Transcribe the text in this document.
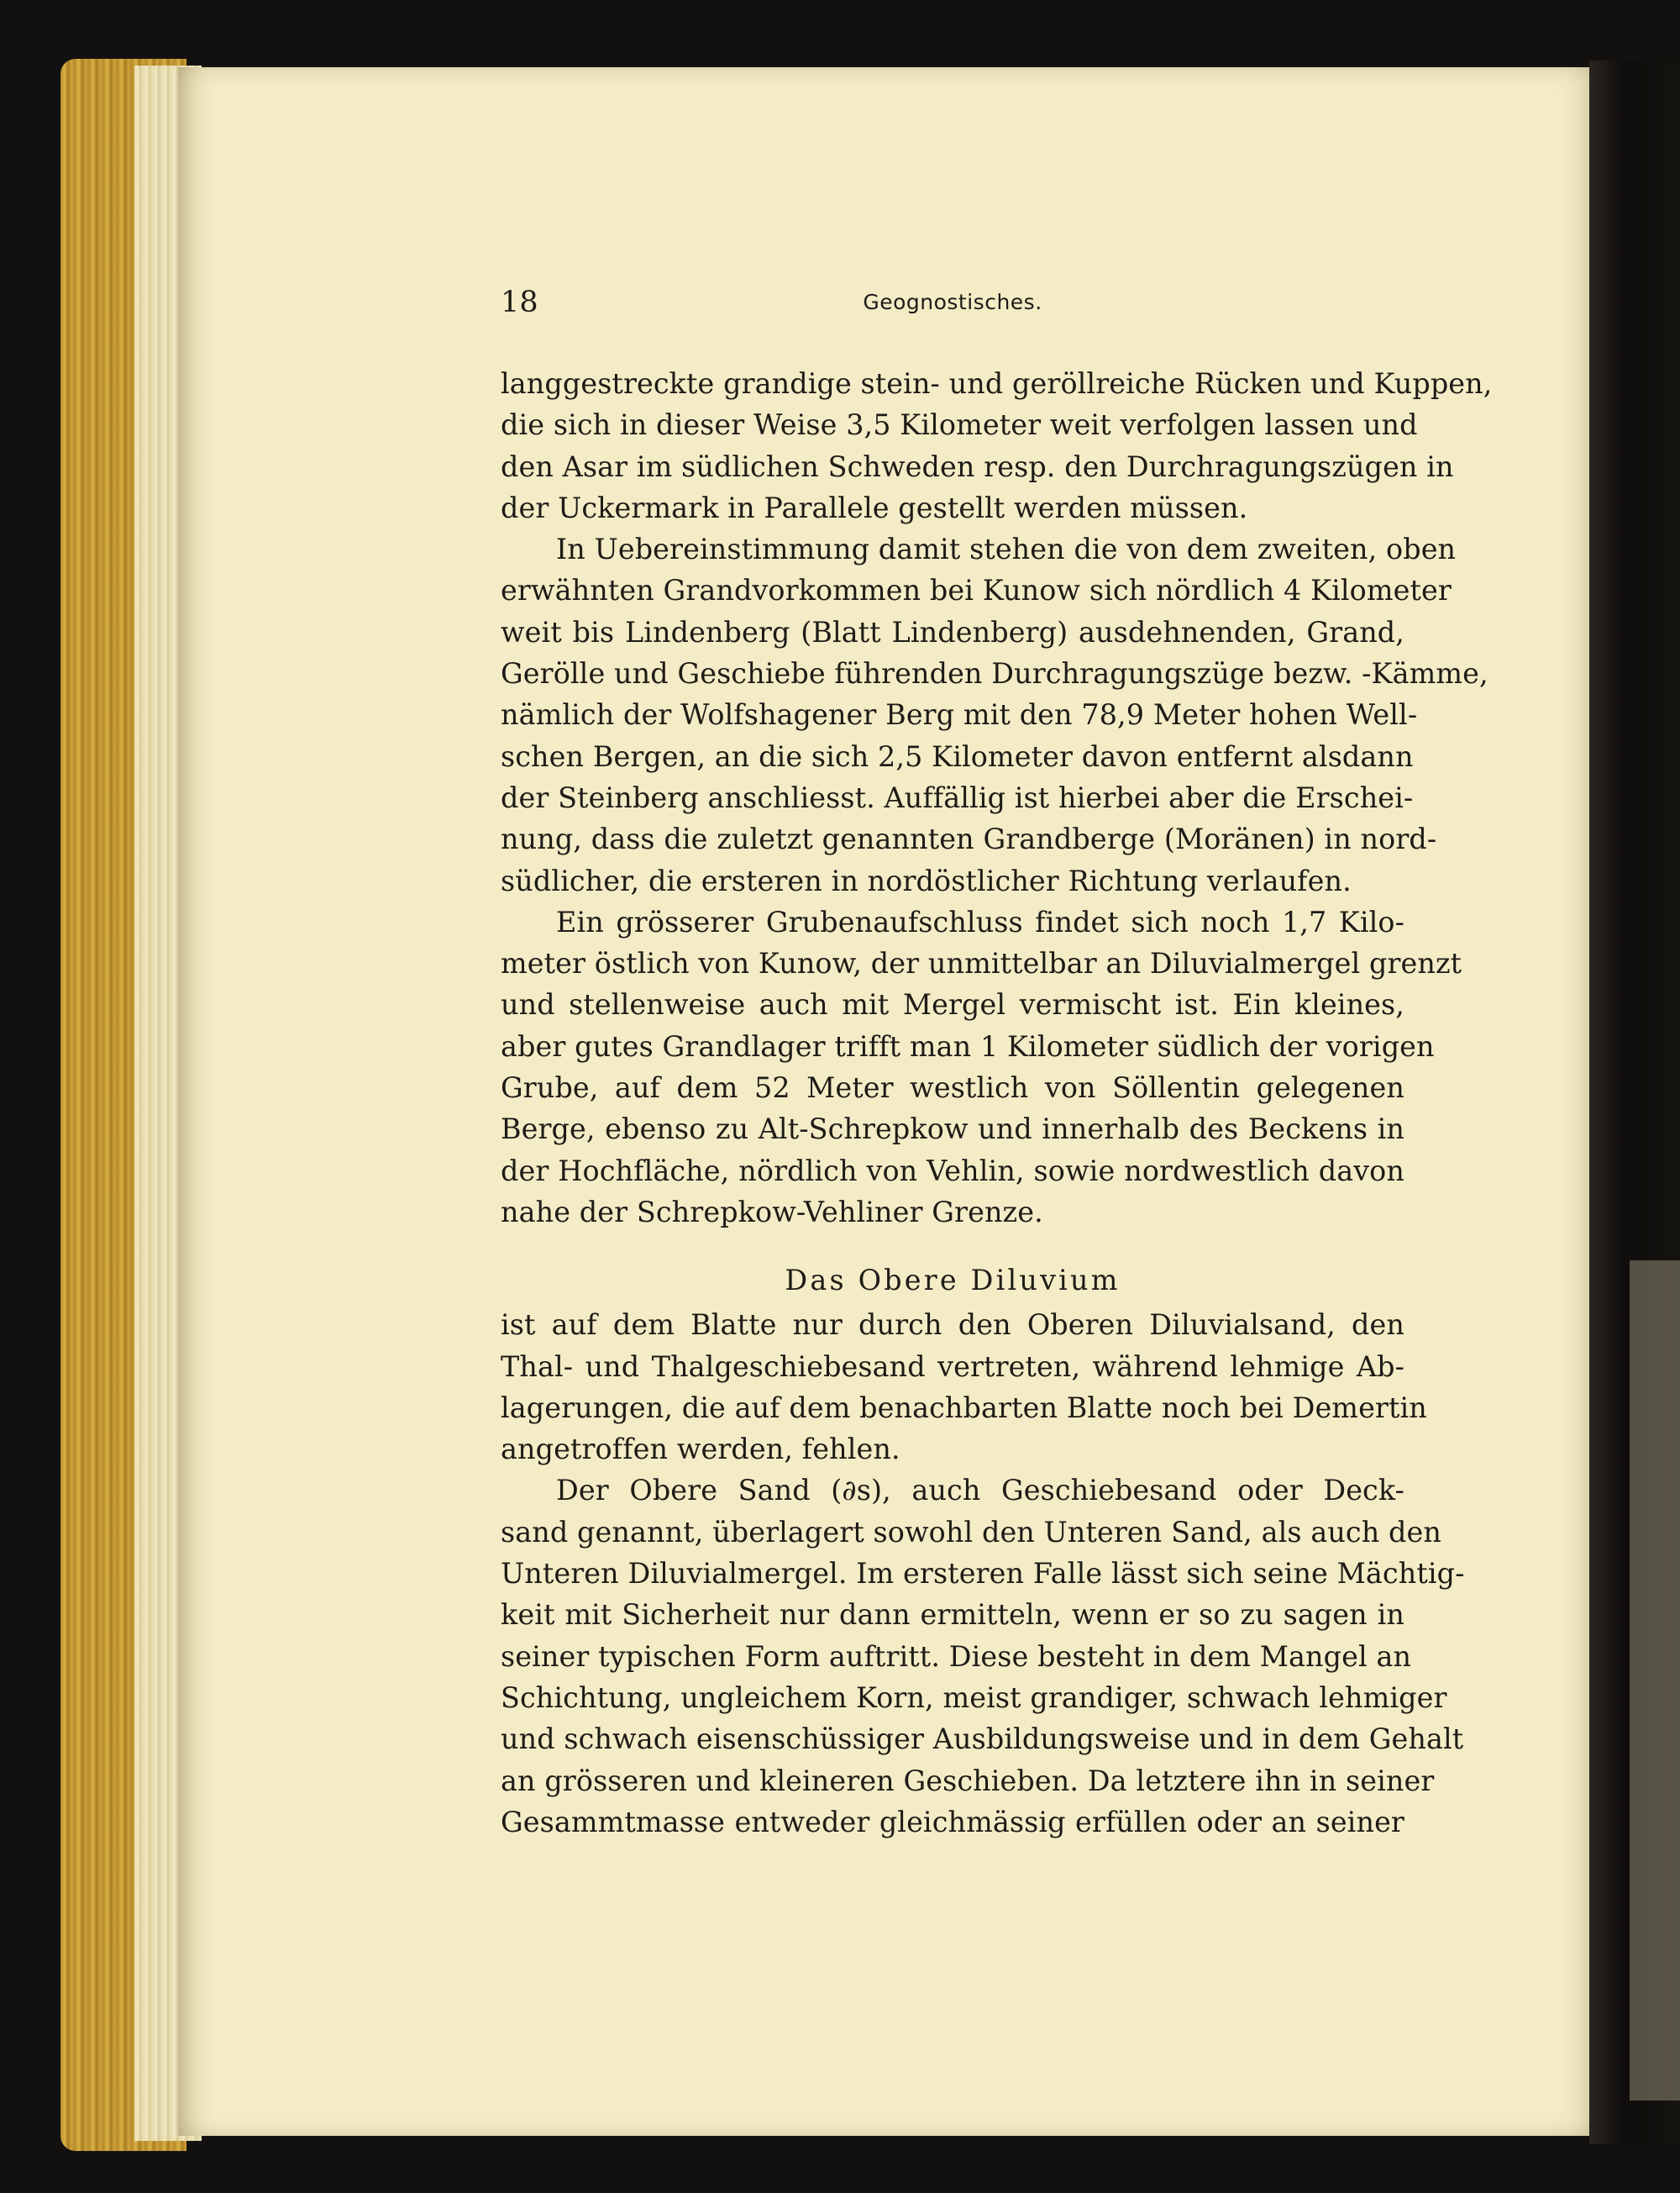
18	Geognostisches.
langgestreckte grandige stein- und geröllreiche Rücken und Kuppen,
die sich in dieser Weise 3,5 Kilometer weit verfolgen lassen und
den Asar im südlichen Schweden resp. den Durchragungszügen in
der Uckermark in Parallele gestellt werden müssen.
In Uebereinstimmung damit stehen die von dem zweiten, oben
erwähnten Grandvorkommen bei Kunow sich nördlich 4 Kilometer
weit bis Lindenberg (Blatt Lindenberg) ausdehnenden, Grand,
Gerölle und Geschiebe führenden Durchragungszüge bezw. -Kämme,
nämlich der Wolfshagener Berg mit den 78,9 Meter hohen Well-
schen Bergen, an die sich 2,5 Kilometer davon entfernt alsdann
der Steinberg anschliesst. Auffällig ist hierbei aber die Erschei-
nung, dass die zuletzt genannten Grandberge (Moränen) in nord-
südlicher, die ersteren in nordöstlicher Richtung verlaufen.
Ein grösserer Grubenaufschluss findet sich noch 1,7 Kilo-
meter östlich von Kunow, der unmittelbar an Diluvialmergel grenzt
und stellenweise auch mit Mergel vermischt ist. Ein kleines,
aber gutes Grandlager trifft man 1 Kilometer südlich der vorigen
Grube, auf dem 52 Meter westlich von Söllentin gelegenen
Berge, ebenso zu Alt-Schrepkow und innerhalb des Beckens in
der Hochfläche, nördlich von Vehlin, sowie nordwestlich davon
nahe der Schrepkow-Vehliner Grenze.
Das Obere Diluvium
ist auf dem Blatte nur durch den Oberen Diluvialsand, den
Thal- und Thalgeschiebesand vertreten, während lehmige Ab-
lagerungen, die auf dem benachbarten Blatte noch bei Demertin
angetroffen werden, fehlen.
Der Obere Sand (∂s), auch Geschiebesand oder Deck-
sand genannt, überlagert sowohl den Unteren Sand, als auch den
Unteren Diluvialmergel. Im ersteren Falle lässt sich seine Mächtig-
keit mit Sicherheit nur dann ermitteln, wenn er so zu sagen in
seiner typischen Form auftritt. Diese besteht in dem Mangel an
Schichtung, ungleichem Korn, meist grandiger, schwach lehmiger
und schwach eisenschüssiger Ausbildungsweise und in dem Gehalt
an grösseren und kleineren Geschieben. Da letztere ihn in seiner
Gesammtmasse entweder gleichmässig erfüllen oder an seiner
